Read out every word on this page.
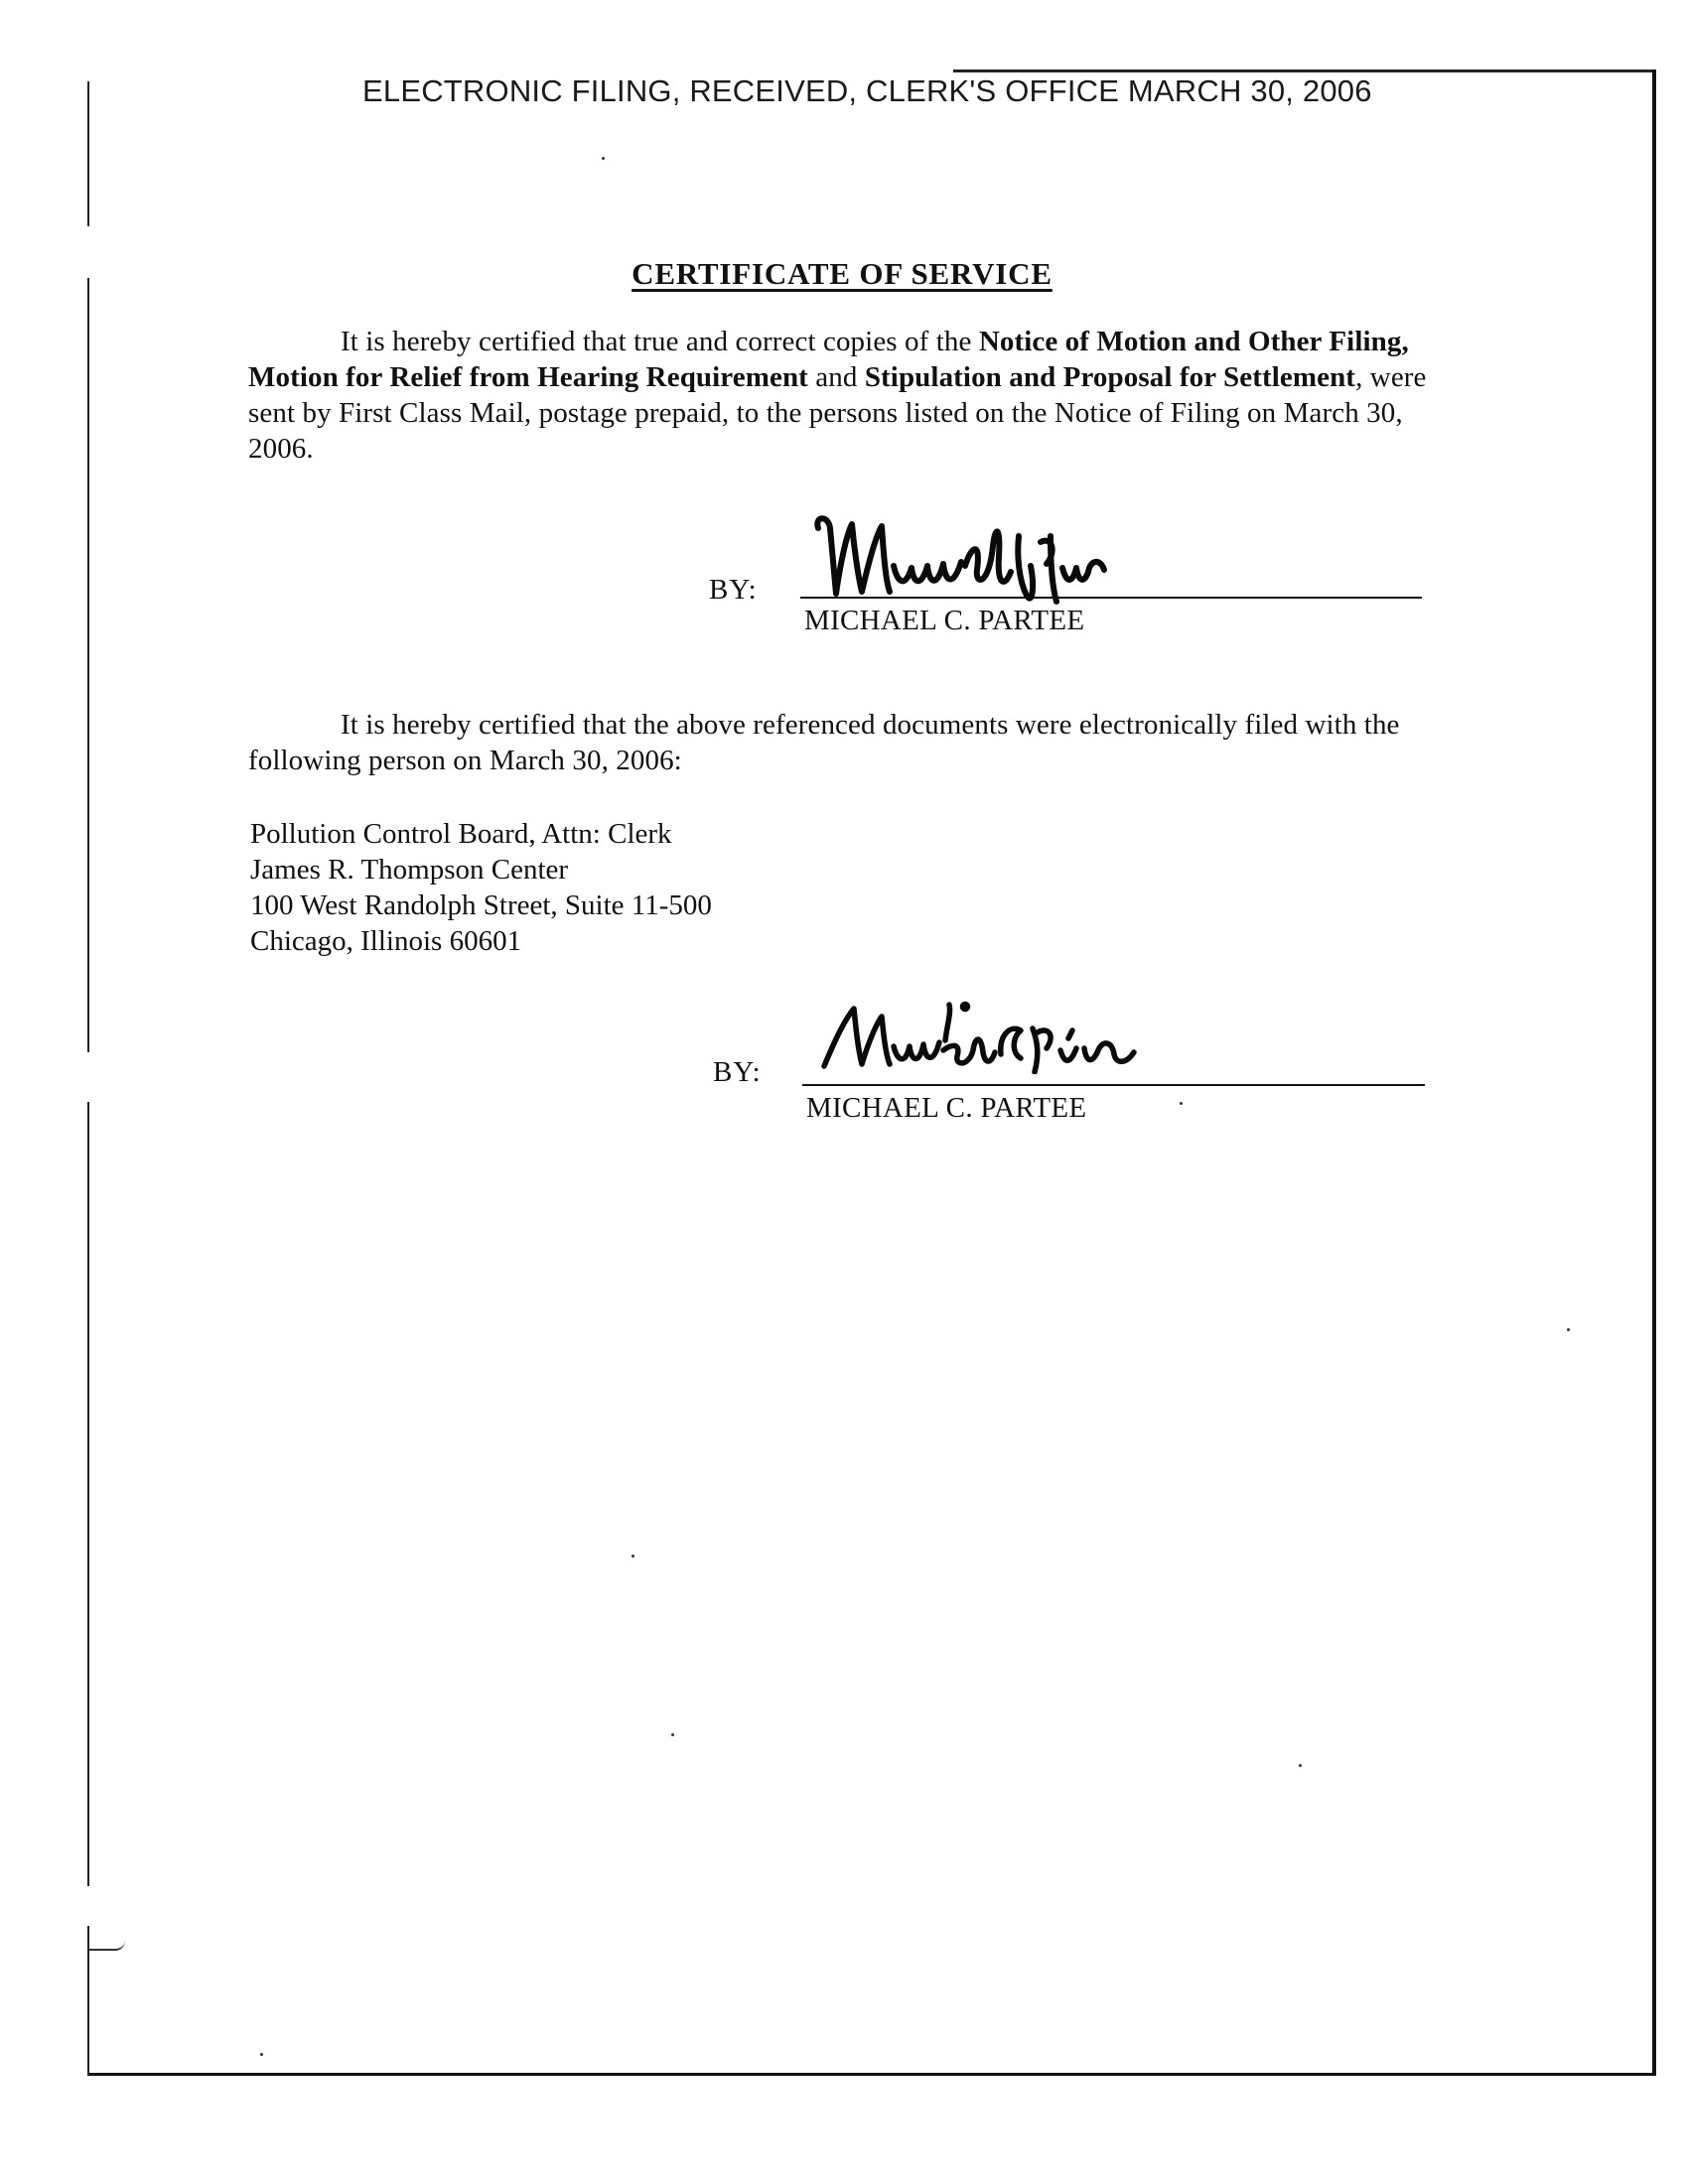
ELECTRONIC FILING, RECEIVED, CLERK'S OFFICE MARCH 30, 2006
CERTIFICATE OF SERVICE
It is hereby certified that true and correct copies of the Notice of Motion and Other Filing, Motion for Relief from Hearing Requirement and Stipulation and Proposal for Settlement, were sent by First Class Mail, postage prepaid, to the persons listed on the Notice of Filing on March 30, 2006.
BY:
MICHAEL C. PARTEE
It is hereby certified that the above referenced documents were electronically filed with the following person on March 30, 2006:
Pollution Control Board, Attn: Clerk
James R. Thompson Center
100 West Randolph Street, Suite 11-500
Chicago, Illinois 60601
BY:
MICHAEL C. PARTEE
